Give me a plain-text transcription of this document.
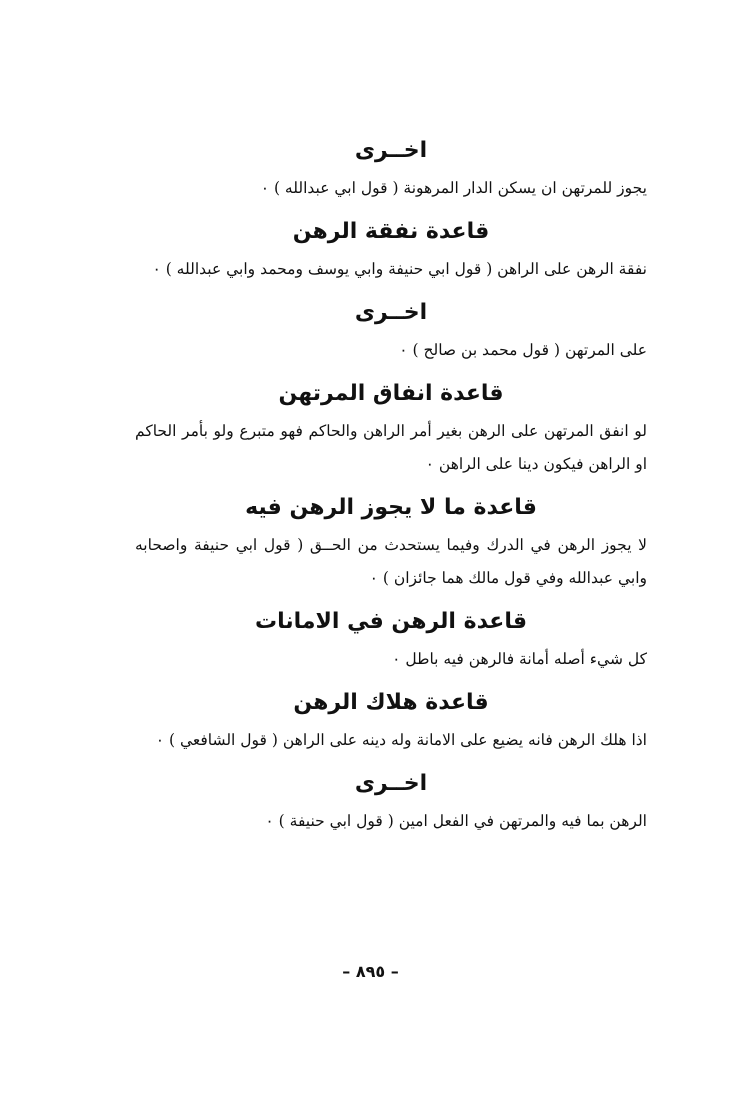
اخــرى
يجوز للمرتهن ان يسكن الدار المرهونة ( قول ابي عبدالله ) ٠
قاعدة نفقة الرهن
نفقة الرهن على الراهن ( قول ابي حنيفة وابي يوسف ومحمد وابي عبدالله ) ٠
اخــرى
على المرتهن ( قول محمد بن صالح ) ٠
قاعدة انفاق المرتهن
لو انفق المرتهن على الرهن بغير أمر الراهن والحاكم فهو متبرع ولو بأمر الحاكم او الراهن فيكون دينا على الراهن ٠
قاعدة ما لا يجوز الرهن فيه
لا يجوز الرهن في الدرك وفيما يستحدث من الحــق ( قول ابي حنيفة واصحابه وابي عبدالله وفي قول مالك هما جائزان ) ٠
قاعدة الرهن في الامانات
كل شيء أصله أمانة فالرهن فيه باطل ٠
قاعدة هلاك الرهن
اذا هلك الرهن فانه يضيع على الامانة وله دينه على الراهن ( قول الشافعي ) ٠
اخــرى
الرهن بما فيه والمرتهن في الفعل امين ( قول ابي حنيفة ) ٠
– ٨٩٥ –
